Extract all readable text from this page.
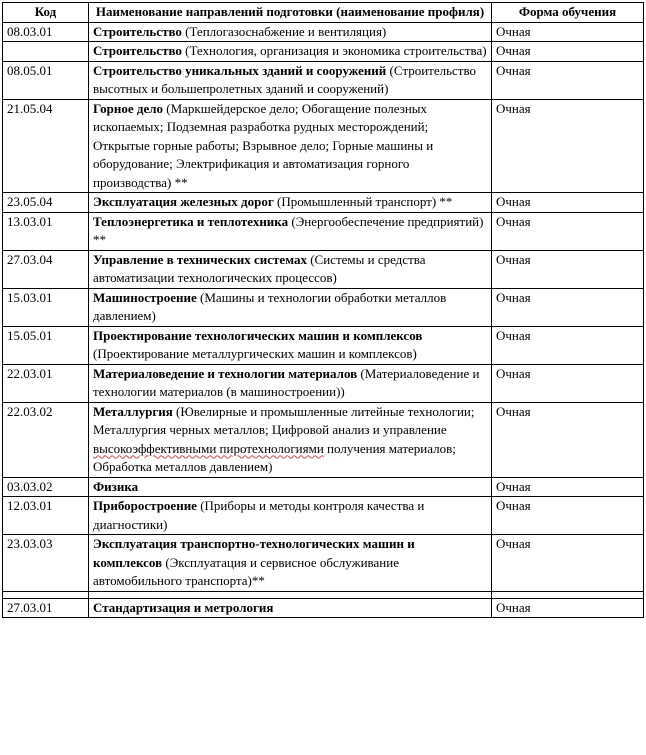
Код	Наименование направлений подготовки (наименование профиля)	Форма обучения
08.03.01	Строительство (Теплогазоснабжение и вентиляция)	Очная
	Строительство (Технология, организация и экономика строительства)	Очная
08.05.01	Строительство уникальных зданий и сооружений (Строительство высотных и большепролетных зданий и сооружений)	Очная
21.05.04	Горное дело (Маркшейдерское дело; Обогащение полезных ископаемых; Подземная разработка рудных месторождений; Открытые горные работы; Взрывное дело; Горные машины и оборудование; Электрификация и автоматизация горного производства) **	Очная
23.05.04	Эксплуатация железных дорог (Промышленный транспорт) **	Очная
13.03.01	Теплоэнергетика и теплотехника (Энергообеспечение предприятий) **	Очная
27.03.04	Управление в технических системах (Системы и средства автоматизации технологических процессов)	Очная
15.03.01	Машиностроение (Машины и технологии обработки металлов давлением)	Очная
15.05.01	Проектирование технологических машин и комплексов (Проектирование металлургических машин и комплексов)	Очная
22.03.01	Материаловедение и технологии материалов (Материаловедение и технологии материалов (в машиностроении))	Очная
22.03.02	Металлургия (Ювелирные и промышленные литейные технологии; Металлургия черных металлов; Цифровой анализ и управление высокоэффективными пиротехнологиями получения материалов; Обработка металлов давлением)	Очная
03.03.02	Физика	Очная
12.03.01	Приборостроение (Приборы и методы контроля качества и диагностики)	Очная
23.03.03	Эксплуатация транспортно-технологических машин и комплексов (Эксплуатация и сервисное обслуживание автомобильного транспорта)**	Очная

27.03.01	Стандартизация и метрология	Очная
